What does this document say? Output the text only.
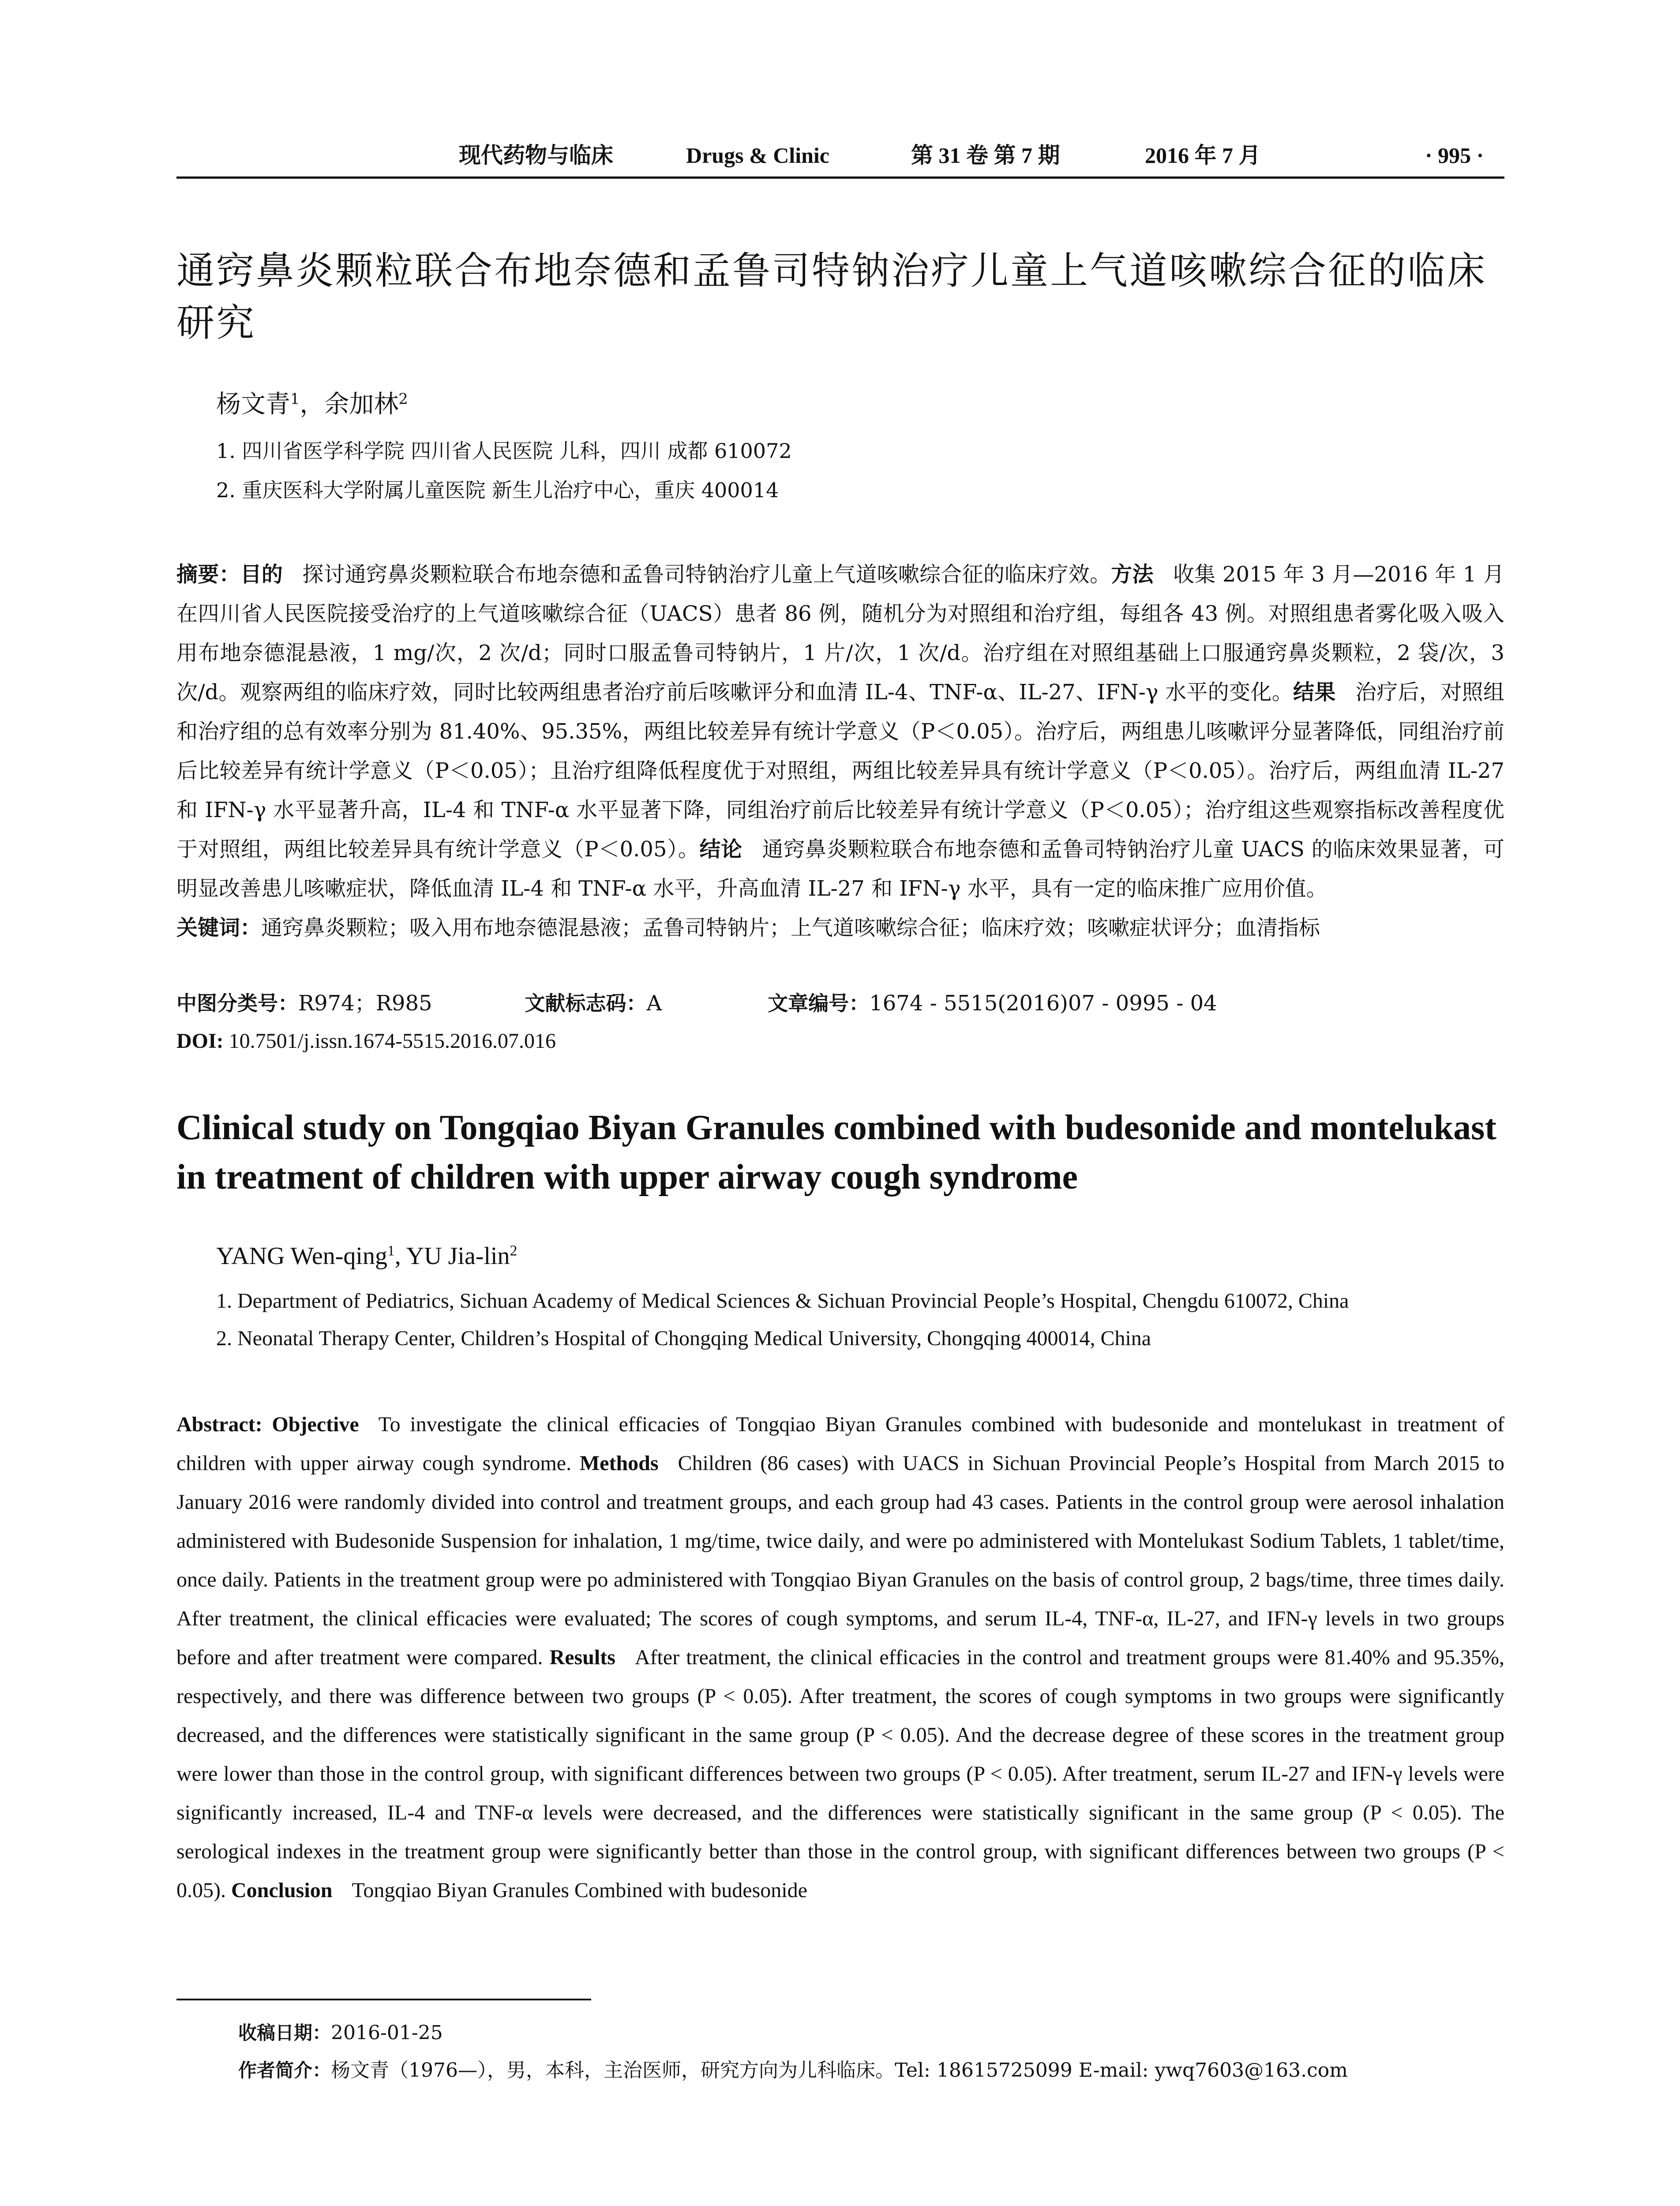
现代药物与临床	Drugs & Clinic	第 31 卷 第 7 期	2016 年 7 月	· 995 ·
通窍鼻炎颗粒联合布地奈德和孟鲁司特钠治疗儿童上气道咳嗽综合征的临床研究
杨文青$^1$，余加林$^2$
1. 四川省医学科学院 四川省人民医院 儿科，四川 成都 610072
2. 重庆医科大学附属儿童医院 新生儿治疗中心，重庆 400014
摘要：目的 探讨通窍鼻炎颗粒联合布地奈德和孟鲁司特钠治疗儿童上气道咳嗽综合征的临床疗效。方法 收集 2015 年 3 月—2016 年 1 月在四川省人民医院接受治疗的上气道咳嗽综合征（UACS）患者 86 例，随机分为对照组和治疗组，每组各 43 例。对照组患者雾化吸入吸入用布地奈德混悬液，1 mg/次，2 次/d；同时口服孟鲁司特钠片，1 片/次，1 次/d。治疗组在对照组基础上口服通窍鼻炎颗粒，2 袋/次，3 次/d。观察两组的临床疗效，同时比较两组患者治疗前后咳嗽评分和血清 IL-4、TNF-α、IL-27、IFN-γ 水平的变化。结果 治疗后，对照组和治疗组的总有效率分别为 81.40%、95.35%，两组比较差异有统计学意义（P＜0.05）。治疗后，两组患儿咳嗽评分显著降低，同组治疗前后比较差异有统计学意义（P＜0.05）；且治疗组降低程度优于对照组，两组比较差异具有统计学意义（P＜0.05）。治疗后，两组血清 IL-27 和 IFN-γ 水平显著升高，IL-4 和 TNF-α 水平显著下降，同组治疗前后比较差异有统计学意义（P＜0.05）；治疗组这些观察指标改善程度优于对照组，两组比较差异具有统计学意义（P＜0.05）。结论 通窍鼻炎颗粒联合布地奈德和孟鲁司特钠治疗儿童 UACS 的临床效果显著，可明显改善患儿咳嗽症状，降低血清 IL-4 和 TNF-α 水平，升高血清 IL-27 和 IFN-γ 水平，具有一定的临床推广应用价值。
关键词：通窍鼻炎颗粒；吸入用布地奈德混悬液；孟鲁司特钠片；上气道咳嗽综合征；临床疗效；咳嗽症状评分；血清指标
中图分类号：R974；R985	文献标志码：A	文章编号：1674 - 5515(2016)07 - 0995 - 04
DOI: 10.7501/j.issn.1674-5515.2016.07.016
Clinical study on Tongqiao Biyan Granules combined with budesonide and montelukast in treatment of children with upper airway cough syndrome
YANG Wen-qing$^1$, YU Jia-lin$^2$
1. Department of Pediatrics, Sichuan Academy of Medical Sciences & Sichuan Provincial People’s Hospital, Chengdu 610072, China
2. Neonatal Therapy Center, Children’s Hospital of Chongqing Medical University, Chongqing 400014, China
Abstract: Objective To investigate the clinical efficacies of Tongqiao Biyan Granules combined with budesonide and montelukast in treatment of children with upper airway cough syndrome. Methods Children (86 cases) with UACS in Sichuan Provincial People’s Hospital from March 2015 to January 2016 were randomly divided into control and treatment groups, and each group had 43 cases. Patients in the control group were aerosol inhalation administered with Budesonide Suspension for inhalation, 1 mg/time, twice daily, and were po administered with Montelukast Sodium Tablets, 1 tablet/time, once daily. Patients in the treatment group were po administered with Tongqiao Biyan Granules on the basis of control group, 2 bags/time, three times daily. After treatment, the clinical efficacies were evaluated; The scores of cough symptoms, and serum IL-4, TNF-α, IL-27, and IFN-γ levels in two groups before and after treatment were compared. Results After treatment, the clinical efficacies in the control and treatment groups were 81.40% and 95.35%, respectively, and there was difference between two groups (P < 0.05). After treatment, the scores of cough symptoms in two groups were significantly decreased, and the differences were statistically significant in the same group (P < 0.05). And the decrease degree of these scores in the treatment group were lower than those in the control group, with significant differences between two groups (P < 0.05). After treatment, serum IL-27 and IFN-γ levels were significantly increased, IL-4 and TNF-α levels were decreased, and the differences were statistically significant in the same group (P < 0.05). The serological indexes in the treatment group were significantly better than those in the control group, with significant differences between two groups (P < 0.05). Conclusion Tongqiao Biyan Granules Combined with budesonide
收稿日期：2016-01-25
作者简介：杨文青（1976—），男，本科，主治医师，研究方向为儿科临床。Tel: 18615725099 E-mail: ywq7603@163.com
